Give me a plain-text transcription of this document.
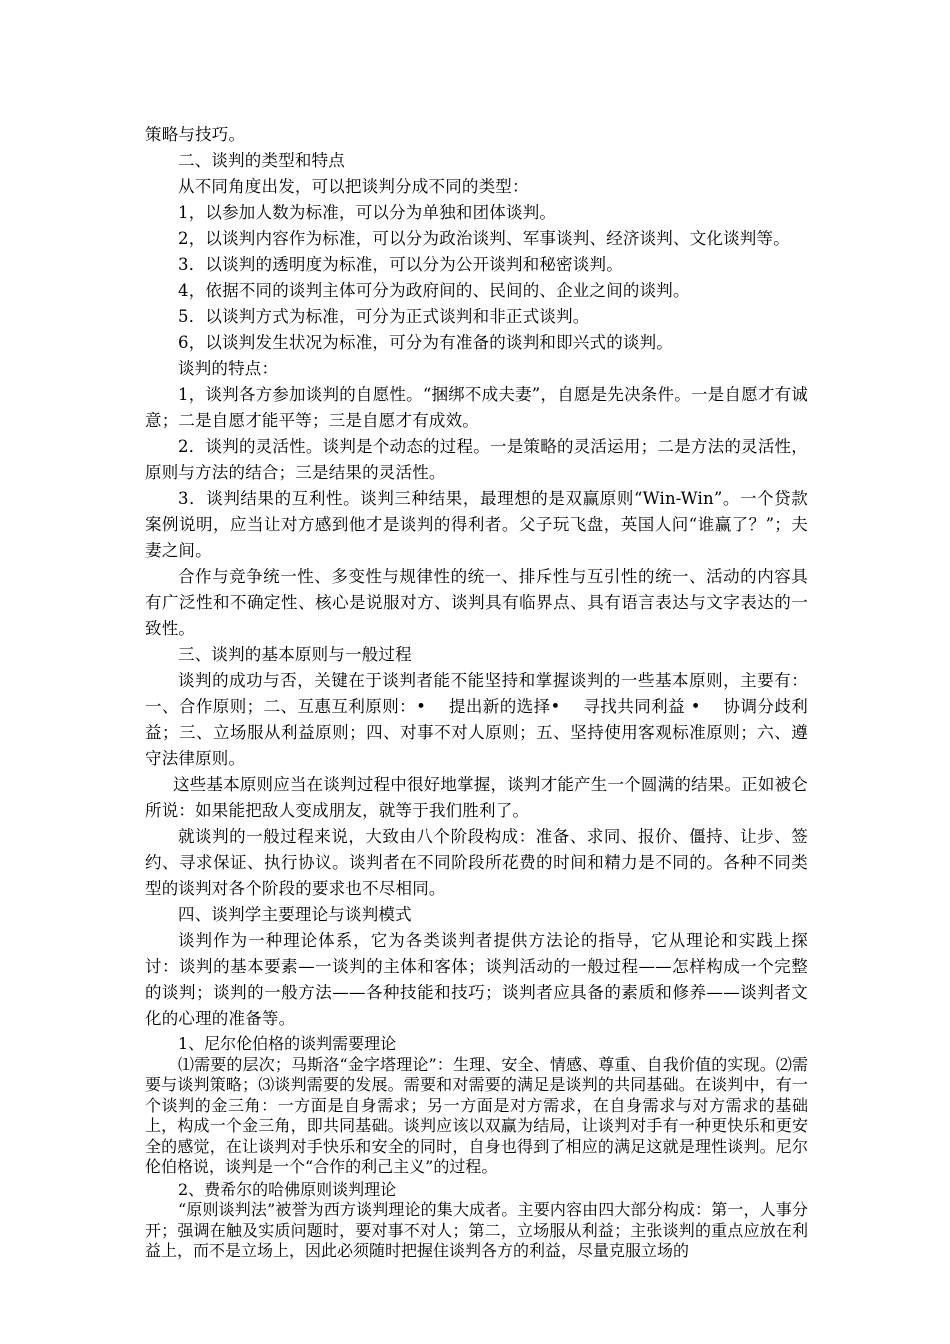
策略与技巧。

二、谈判的类型和特点

从不同角度出发，可以把谈判分成不同的类型：

1，以参加人数为标准，可以分为单独和团体谈判。

2，以谈判内容作为标准，可以分为政治谈判、军事谈判、经济谈判、文化谈判等。

3．以谈判的透明度为标准，可以分为公开谈判和秘密谈判。

4，依据不同的谈判主体可分为政府间的、民间的、企业之间的谈判。

5．以谈判方式为标准，可分为正式谈判和非正式谈判。

6，以谈判发生状况为标准，可分为有准备的谈判和即兴式的谈判。

谈判的特点：

1，谈判各方参加谈判的自愿性。“捆绑不成夫妻”，自愿是先决条件。一是自愿才有诚意；二是自愿才能平等；三是自愿才有成效。

2．谈判的灵活性。谈判是个动态的过程。一是策略的灵活运用；二是方法的灵活性，原则与方法的结合；三是结果的灵活性。

3．谈判结果的互利性。谈判三种结果，最理想的是双赢原则“Win-Win”。一个贷款案例说明，应当让对方感到他才是谈判的得利者。父子玩飞盘，英国人问“谁赢了？”；夫妻之间。

合作与竞争统一性、多变性与规律性的统一、排斥性与互引性的统一、活动的内容具有广泛性和不确定性、核心是说服对方、谈判具有临界点、具有语言表达与文字表达的一致性。

三、谈判的基本原则与一般过程

谈判的成功与否，关键在于谈判者能不能坚持和掌握谈判的一些基本原则，主要有：一、合作原则；二、互惠互利原则：•　 提出新的选择•　 寻找共同利益 •　 协调分歧利益；三、立场服从利益原则；四、对事不对人原则；五、坚持使用客观标准原则；六、遵守法律原则。

这些基本原则应当在谈判过程中很好地掌握，谈判才能产生一个圆满的结果。正如被仑所说：如果能把敌人变成朋友，就等于我们胜利了。

就谈判的一般过程来说，大致由八个阶段构成：准备、求同、报价、僵持、让步、签约、寻求保证、执行协议。谈判者在不同阶段所花费的时间和精力是不同的。各种不同类型的谈判对各个阶段的要求也不尽相同。

四、谈判学主要理论与谈判模式

谈判作为一种理论体系，它为各类谈判者提供方法论的指导，它从理论和实践上探讨：谈判的基本要素—一谈判的主体和客体；谈判活动的一般过程——怎样构成一个完整的谈判；谈判的一般方法——各种技能和技巧；谈判者应具备的素质和修养——谈判者文化的心理的准备等。

1、尼尔伦伯格的谈判需要理论

⑴需要的层次；马斯洛“金字塔理论”：生理、安全、情感、尊重、自我价值的实现。⑵需要与谈判策略；⑶谈判需要的发展。需要和对需要的满足是谈判的共同基础。在谈判中，有一个谈判的金三角：一方面是自身需求；另一方面是对方需求，在自身需求与对方需求的基础上，构成一个金三角，即共同基础。谈判应该以双赢为结局，让谈判对手有一种更快乐和更安全的感觉，在让谈判对手快乐和安全的同时，自身也得到了相应的满足这就是理性谈判。尼尔伦伯格说，谈判是一个“合作的利己主义”的过程。

2、费希尔的哈佛原则谈判理论

“原则谈判法”被誉为西方谈判理论的集大成者。主要内容由四大部分构成：第一，人事分开；强调在触及实质问题时，要对事不对人；第二，立场服从利益；主张谈判的重点应放在利益上，而不是立场上，因此必须随时把握住谈判各方的利益，尽量克服立场的
